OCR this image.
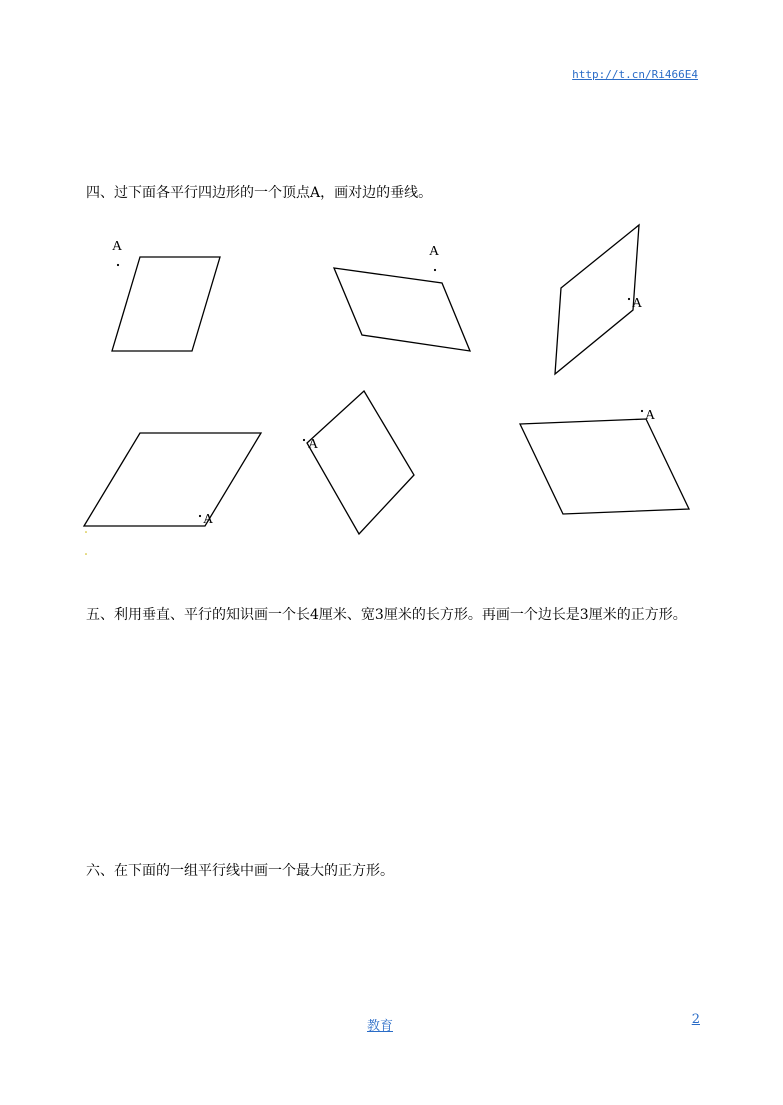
http://t.cn/Ri466E4
四、过下面各平行四边形的一个顶点A，画对边的垂线。
A	A
A
A
A
A
五、利用垂直、平行的知识画一个长4厘米、宽3厘米的长方形。再画一个边长是3厘米的正方形。
六、在下面的一组平行线中画一个最大的正方形。
教育	2
